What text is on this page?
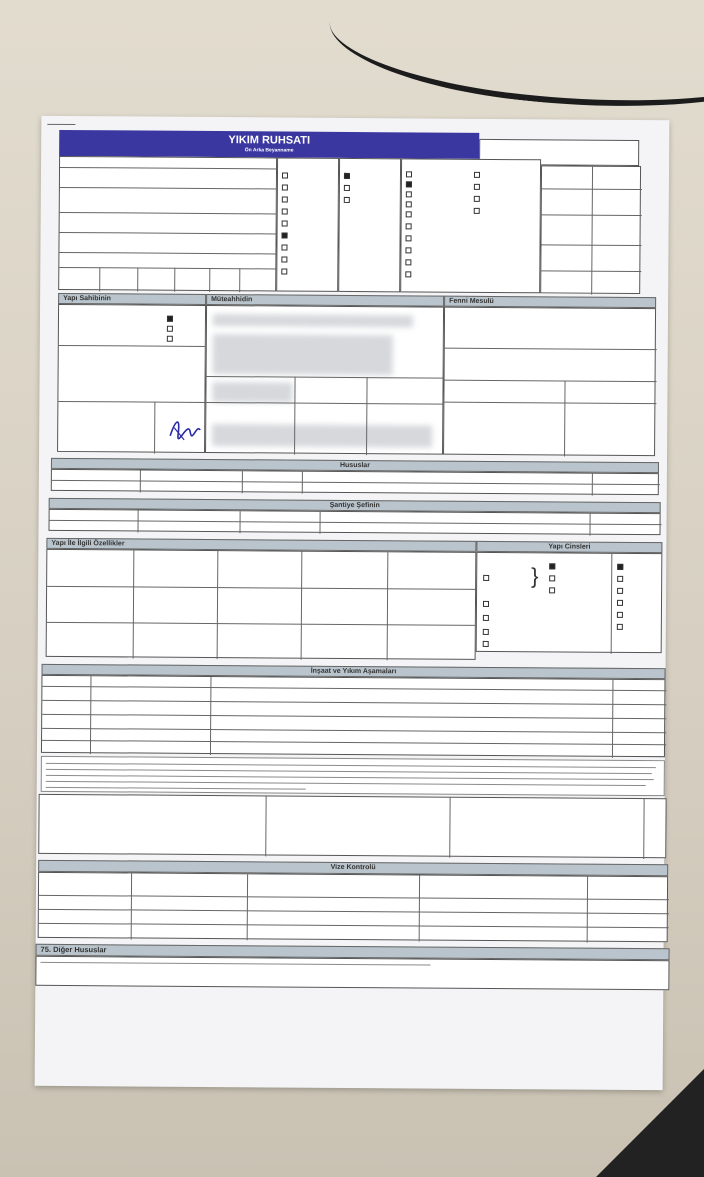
YIKIM RUHSATI
Ön Arka Beyanname
Yapı Sahibinin	Müteahhidin	Fenni Mesulü
Hususlar
Şantiye Şefinin
Yapı İle İlgili Özellikler	Yapı Cinsleri
}
İnşaat ve Yıkım Aşamaları
Vize Kontrolü
75. Diğer Hususlar
